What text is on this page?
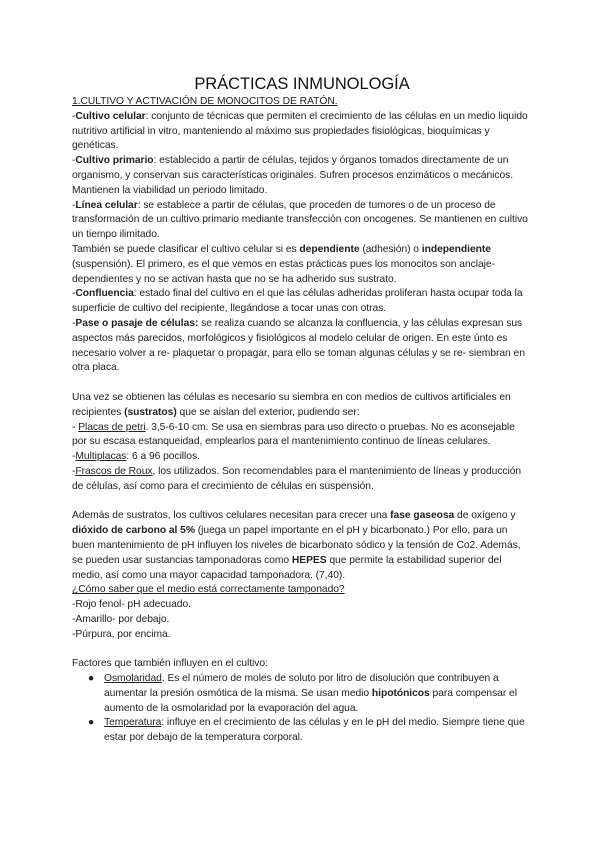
PRÁCTICAS INMUNOLOGÍA

1.CULTIVO Y ACTIVACIÓN DE MONOCITOS DE RATÓN.

-Cultivo celular: conjunto de técnicas que permiten el crecimiento de las células en un medio liquido nutritivo artificial in vitro, manteniendo al máximo sus propiedades fisiológicas, bioquímicas y genéticas.

-Cultivo primario: establecido a partir de células, tejidos y órganos tomados directamente de un organismo, y conservan sus características originales. Sufren procesos enzimáticos o mecánicos. Mantienen la viabilidad un periodo limitado.

-Línea celular: se establece a partir de células, que proceden de tumores o de un proceso de transformación de un cultivo primario mediante transfección con oncogenes. Se mantienen en cultivo un tiempo ilimitado.

También se puede clasificar el cultivo celular si es dependiente (adhesión) o independiente (suspensión). El primero, es el que vemos en estas prácticas pues los monocitos son anclaje- dependientes y no se activan hasta que no se ha adherido sus sustrato.

-Confluencia: estado final del cultivo en el que las células adheridas proliferan hasta ocupar toda la superficie de cultivo del recipiente, llegándose a tocar unas con otras.

-Pase o pasaje de células: se realiza cuando se alcanza la confluencia, y las células expresan sus aspectos más parecidos, morfológicos y fisiológicos al modelo celular de origen. En este únto es necesario volver a re- plaquetar o propagar, para ello se toman algunas células y se re- siembran en otra placa.

Una vez se obtienen las células es necesario su siembra en con medios de cultivos artificiales en recipientes (sustratos) que se aislan del exterior, pudiendo ser:

- Placas de petri. 3,5-6-10 cm. Se usa en siembras para uso directo o pruebas. No es aconsejable por su escasa estanqueidad, emplearlos para el mantenimiento continuo de líneas celulares.

-Multiplacas: 6 a 96 pocillos.

-Frascos de Roux, los utilizados. Son recomendables para el mantenimiento de líneas y producción de células, así como para el crecimiento de células en suspensión.

Además de sustratos, los cultivos celulares necesitan para crecer una fase gaseosa de oxígeno y dióxido de carbono al 5% (juega un papel importante en el pH y bicarbonato.) Por ello, para un buen mantenimiento de pH influyen los niveles de bicarbonato sódico y la tensión de Co2. Además, se pueden usar sustancias tamponadoras como HEPES que permite la estabilidad superior del medio, así como una mayor capacidad tamponadora. (7,40).

¿Cómo saber que el medio está correctamente tamponado?

-Rojo fenol- pH adecuado.

-Amarillo- por debajo.

-Púrpura, por encima.

Factores que también influyen en el cultivo:

● Osmolaridad. Es el número de moles de soluto por litro de disolución que contribuyen a aumentar la presión osmótica de la misma. Se usan medio hipotónicos para compensar el aumento de la osmolaridad por la evaporación del agua.
● Temperatura: influye en el crecimiento de las células y en le pH del medio. Siempre tiene que estar por debajo de la temperatura corporal.
